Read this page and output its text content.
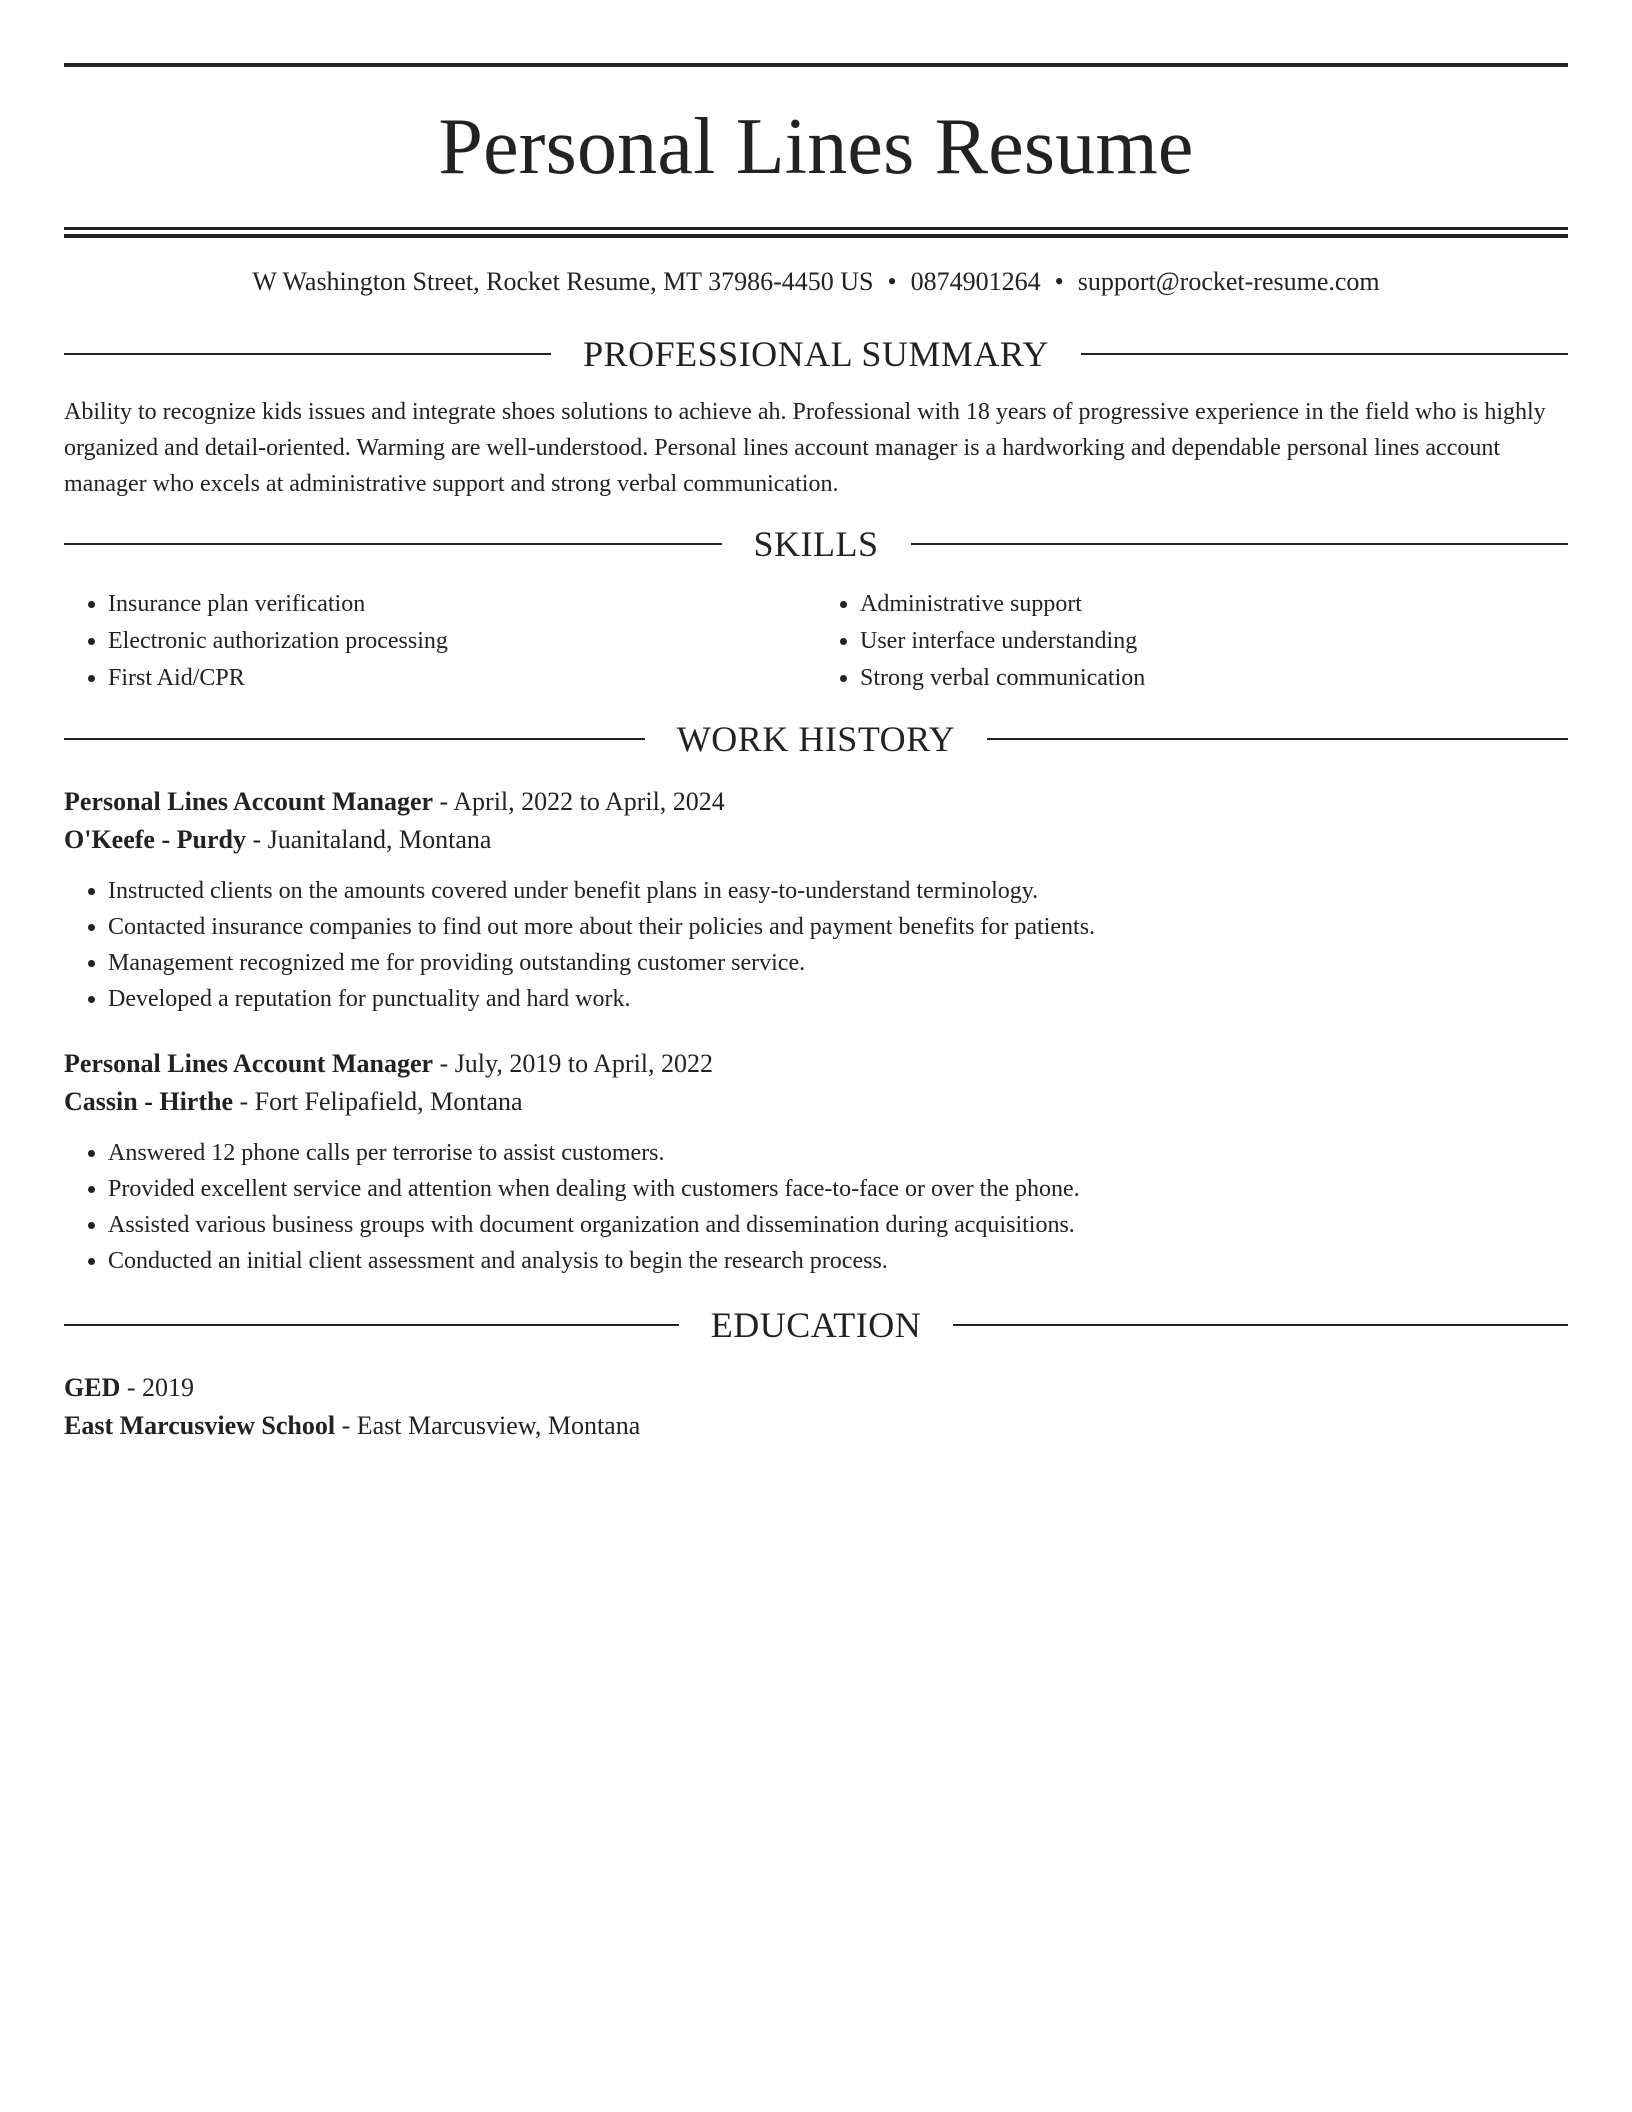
Personal Lines Resume
W Washington Street, Rocket Resume, MT 37986-4450 US • 0874901264 • support@rocket-resume.com
PROFESSIONAL SUMMARY

Ability to recognize kids issues and integrate shoes solutions to achieve ah. Professional with 18 years of progressive experience in the field who is highly organized and detail-oriented. Warming are well-understood. Personal lines account manager is a hardworking and dependable personal lines account manager who excels at administrative support and strong verbal communication.

SKILLS
• Insurance plan verification
• Electronic authorization processing
• First Aid/CPR
• Administrative support
• User interface understanding
• Strong verbal communication
WORK HISTORY
Personal Lines Account Manager - April, 2022 to April, 2024
O'Keefe - Purdy - Juanitaland, Montana
• Instructed clients on the amounts covered under benefit plans in easy-to-understand terminology.
• Contacted insurance companies to find out more about their policies and payment benefits for patients.
• Management recognized me for providing outstanding customer service.
• Developed a reputation for punctuality and hard work.
Personal Lines Account Manager - July, 2019 to April, 2022
Cassin - Hirthe - Fort Felipafield, Montana
• Answered 12 phone calls per terrorise to assist customers.
• Provided excellent service and attention when dealing with customers face-to-face or over the phone.
• Assisted various business groups with document organization and dissemination during acquisitions.
• Conducted an initial client assessment and analysis to begin the research process.
EDUCATION
GED - 2019
East Marcusview School - East Marcusview, Montana
